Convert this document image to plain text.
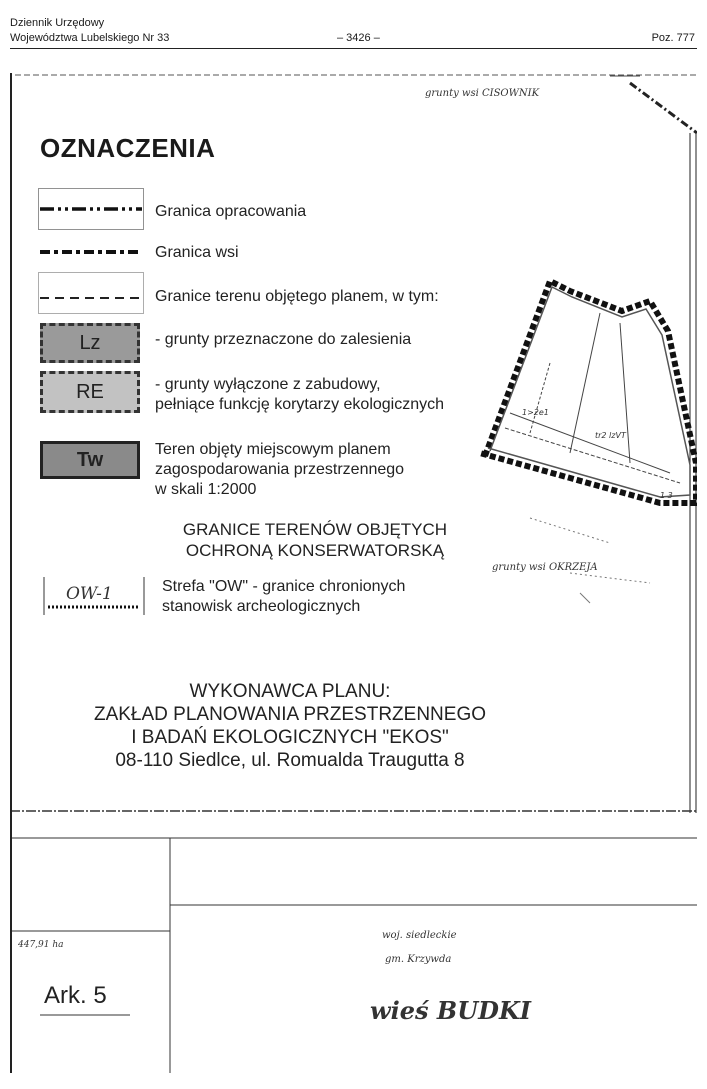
Dziennik Urzędowy
Województwa Lubelskiego Nr 33	– 3426 –	Poz. 777
1>2e1
tr2 lzVT
1 3
OZNACZENIA
Granica opracowania
Granica wsi
Granice terenu objętego planem, w tym:
Lz	- grunty przeznaczone do zalesienia
RE	- grunty wyłączone z zabudowy,
pełniące funkcję korytarzy ekologicznych
Tw	Teren objęty miejscowym planem
zagospodarowania przestrzennego
w skali 1:2000
GRANICE TERENÓW OBJĘTYCH
OCHRONĄ KONSERWATORSKĄ
OW-1	Strefa "OW" - granice chronionych
stanowisk archeologicznych
WYKONAWCA PLANU:
ZAKŁAD PLANOWANIA PRZESTRZENNEGO
I BADAŃ EKOLOGICZNYCH "EKOS"
08-110 Siedlce, ul. Romualda Traugutta 8
grunty wsi CISOWNIK
grunty wsi OKRZEJA
447,91 ha
woj. siedleckie
gm. Krzywda
wieś BUDKI
Ark. 5
